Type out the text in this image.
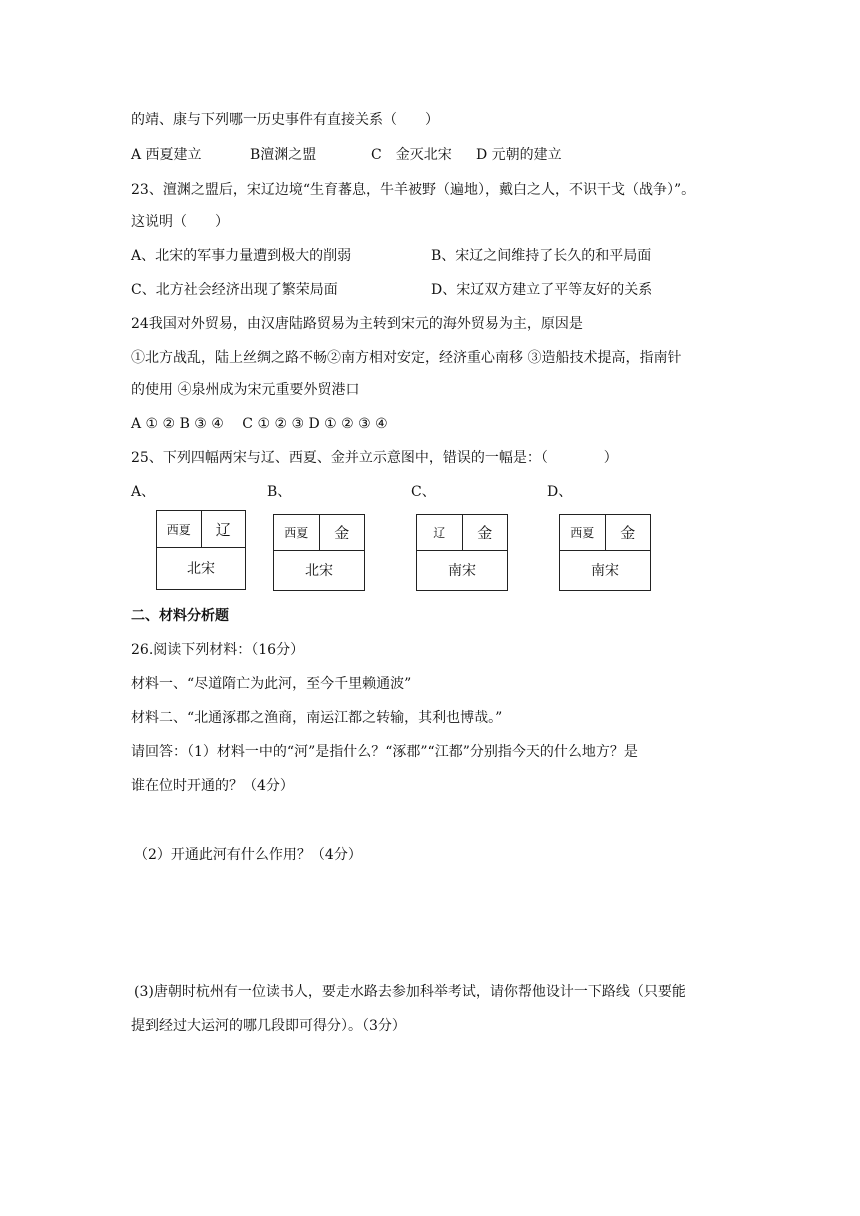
的靖、康与下列哪一历史事件有直接关系（　　）
A 西夏建立	B澶渊之盟	C　金灭北宋 D 元朝的建立
23、澶渊之盟后，宋辽边境“生育蕃息，牛羊被野（遍地），戴白之人，不识干戈（战争）”。
这说明（　　）
A、北宋的军事力量遭到极大的削弱	B、宋辽之间维持了长久的和平局面
C、北方社会经济出现了繁荣局面	D、宋辽双方建立了平等友好的关系
24我国对外贸易，由汉唐陆路贸易为主转到宋元的海外贸易为主，原因是
①北方战乱，陆上丝绸之路不畅②南方相对安定，经济重心南移 ③造船技术提高，指南针
的使用 ④泉州成为宋元重要外贸港口
A ① ② B ③ ④　 C ① ② ③ D ① ② ③ ④
25、下列四幅两宋与辽、西夏、金并立示意图中，错误的一幅是：（　　　　）
A、	B、	C、	D、
西夏	辽
北宋
西夏	金
北宋
辽	金
南宋
西夏	金
南宋
二、材料分析题
26.阅读下列材料：（16分）
材料一、“尽道隋亡为此河，至今千里赖通波”
材料二、“北通涿郡之渔商，南运江都之转输，其利也博哉。”
请回答：（1）材料一中的“河”是指什么？“涿郡”“江都”分别指今天的什么地方？是
谁在位时开通的？（4分）
（2）开通此河有什么作用？（4分）
(3)唐朝时杭州有一位读书人，要走水路去参加科举考试，请你帮他设计一下路线（只要能
提到经过大运河的哪几段即可得分）。（3分）
